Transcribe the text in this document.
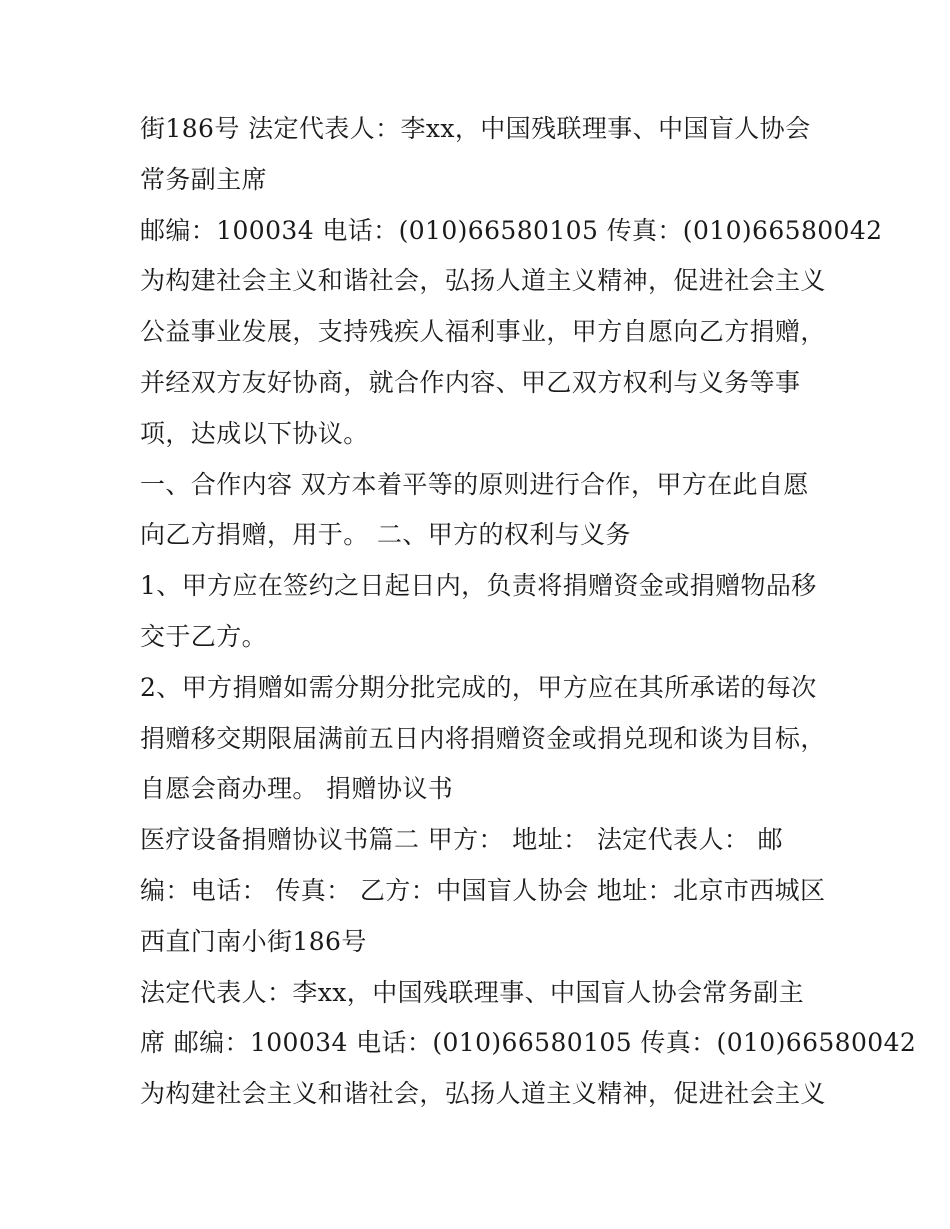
街186号 法定代表人：李xx，中国残联理事、中国盲人协会
常务副主席
邮编：100034 电话：(010)66580105 传真：(010)66580042
为构建社会主义和谐社会，弘扬人道主义精神，促进社会主义
公益事业发展，支持残疾人福利事业，甲方自愿向乙方捐赠，
并经双方友好协商，就合作内容、甲乙双方权利与义务等事
项，达成以下协议。
一、合作内容 双方本着平等的原则进行合作，甲方在此自愿
向乙方捐赠，用于。 二、甲方的权利与义务
1、甲方应在签约之日起日内，负责将捐赠资金或捐赠物品移
交于乙方。
2、甲方捐赠如需分期分批完成的，甲方应在其所承诺的每次
捐赠移交期限届满前五日内将捐赠资金或捐兑现和谈为目标，
自愿会商办理。 捐赠协议书
医疗设备捐赠协议书篇二 甲方： 地址： 法定代表人： 邮
编：电话： 传真： 乙方：中国盲人协会 地址：北京市西城区
西直门南小街186号
法定代表人：李xx，中国残联理事、中国盲人协会常务副主
席 邮编：100034 电话：(010)66580105 传真：(010)66580042
为构建社会主义和谐社会，弘扬人道主义精神，促进社会主义
